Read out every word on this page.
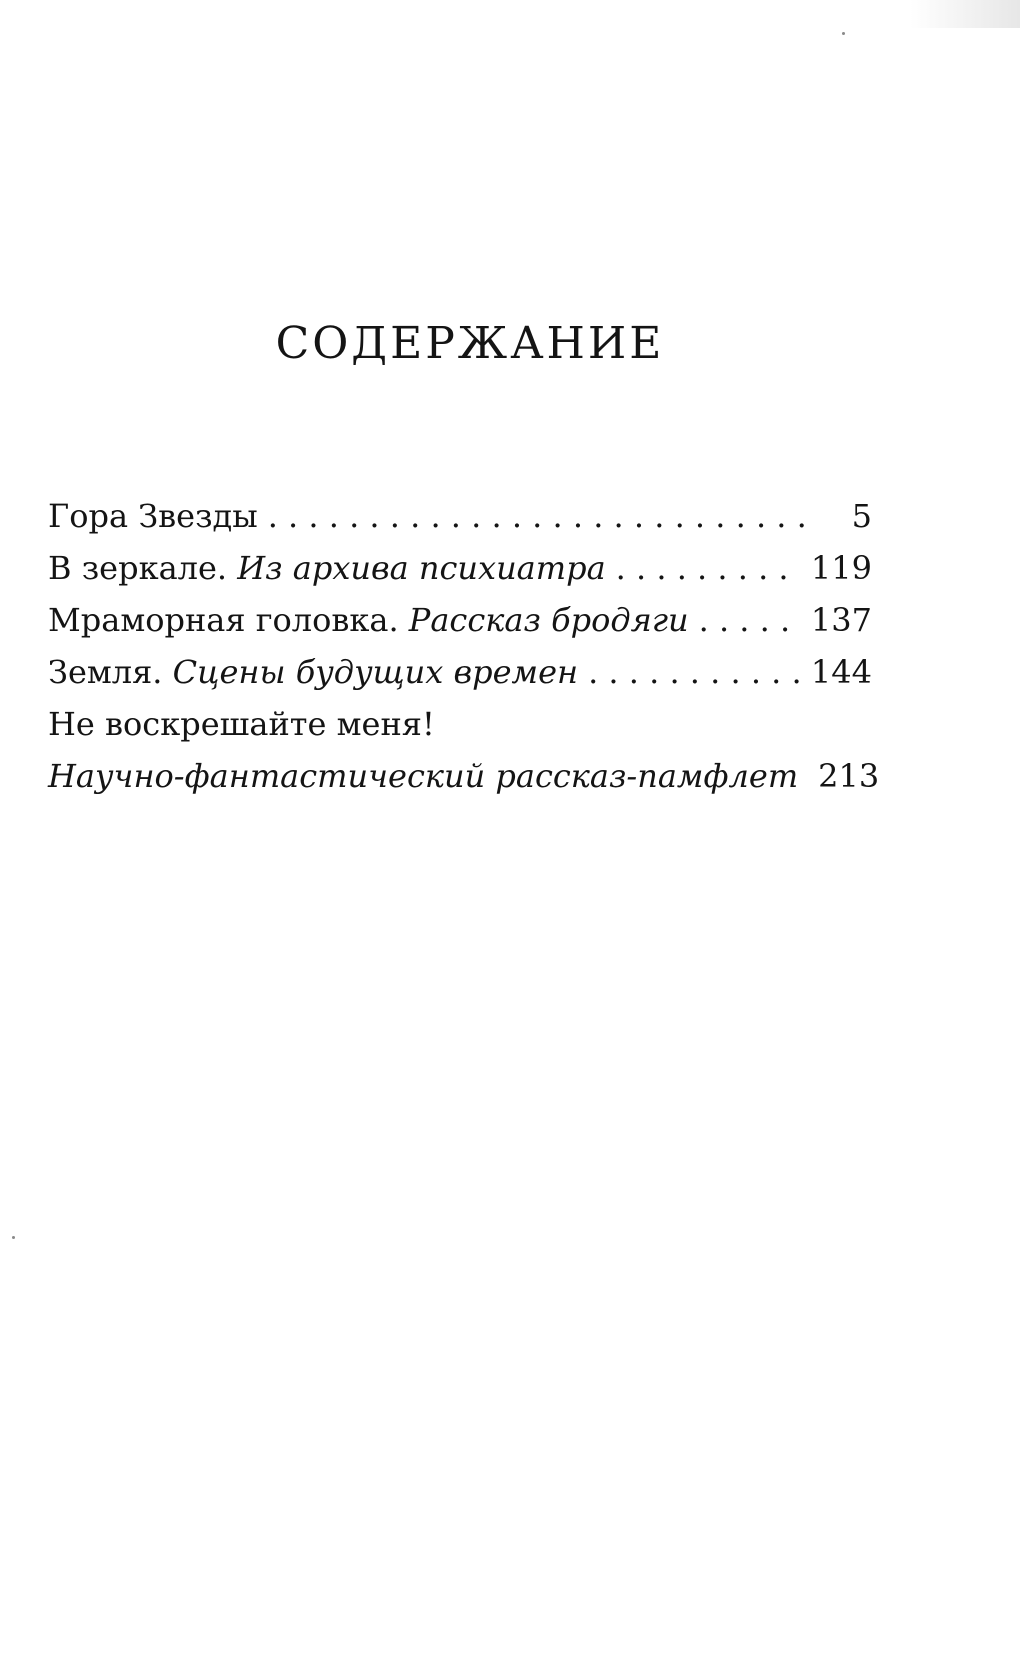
СОДЕРЖАНИЕ
Гора Звезды . . .	5
В зеркале. Из архива психиатра . . .	119
Мраморная головка. Рассказ бродяги . . .	137
Земля. Сцены будущих времен . . .	144
Не воскрешайте меня!
Научно-фантастический рассказ-памфлет 213
